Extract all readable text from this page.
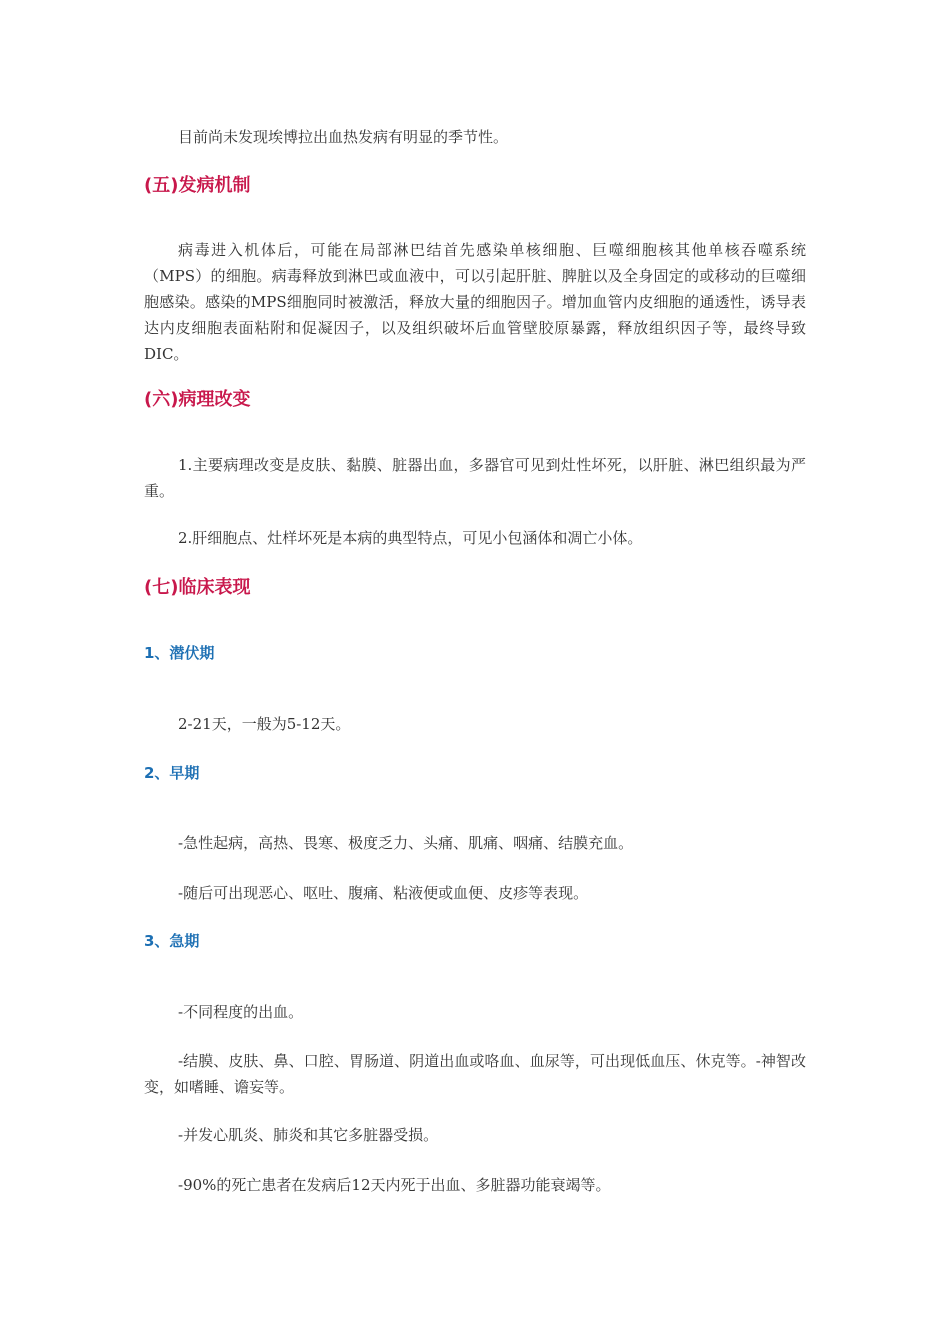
目前尚未发现埃博拉出血热发病有明显的季节性。

(五)发病机制

病毒进入机体后，可能在局部淋巴结首先感染单核细胞、巨噬细胞核其他单核吞噬系统（MPS）的细胞。病毒释放到淋巴或血液中，可以引起肝脏、脾脏以及全身固定的或移动的巨噬细胞感染。感染的MPS细胞同时被激活，释放大量的细胞因子。增加血管内皮细胞的通透性，诱导表达内皮细胞表面粘附和促凝因子，以及组织破坏后血管壁胶原暴露，释放组织因子等，最终导致DIC。

(六)病理改变

1.主要病理改变是皮肤、黏膜、脏器出血，多器官可见到灶性坏死，以肝脏、淋巴组织最为严重。

2.肝细胞点、灶样坏死是本病的典型特点，可见小包涵体和凋亡小体。

(七)临床表现
1、潜伏期

2-21天，一般为5-12天。

2、早期

-急性起病，高热、畏寒、极度乏力、头痛、肌痛、咽痛、结膜充血。

-随后可出现恶心、呕吐、腹痛、粘液便或血便、皮疹等表现。

3、急期

-不同程度的出血。

-结膜、皮肤、鼻、口腔、胃肠道、阴道出血或咯血、血尿等，可出现低血压、休克等。-神智改变，如嗜睡、谵妄等。

-并发心肌炎、肺炎和其它多脏器受损。

-90%的死亡患者在发病后12天内死于出血、多脏器功能衰竭等。
